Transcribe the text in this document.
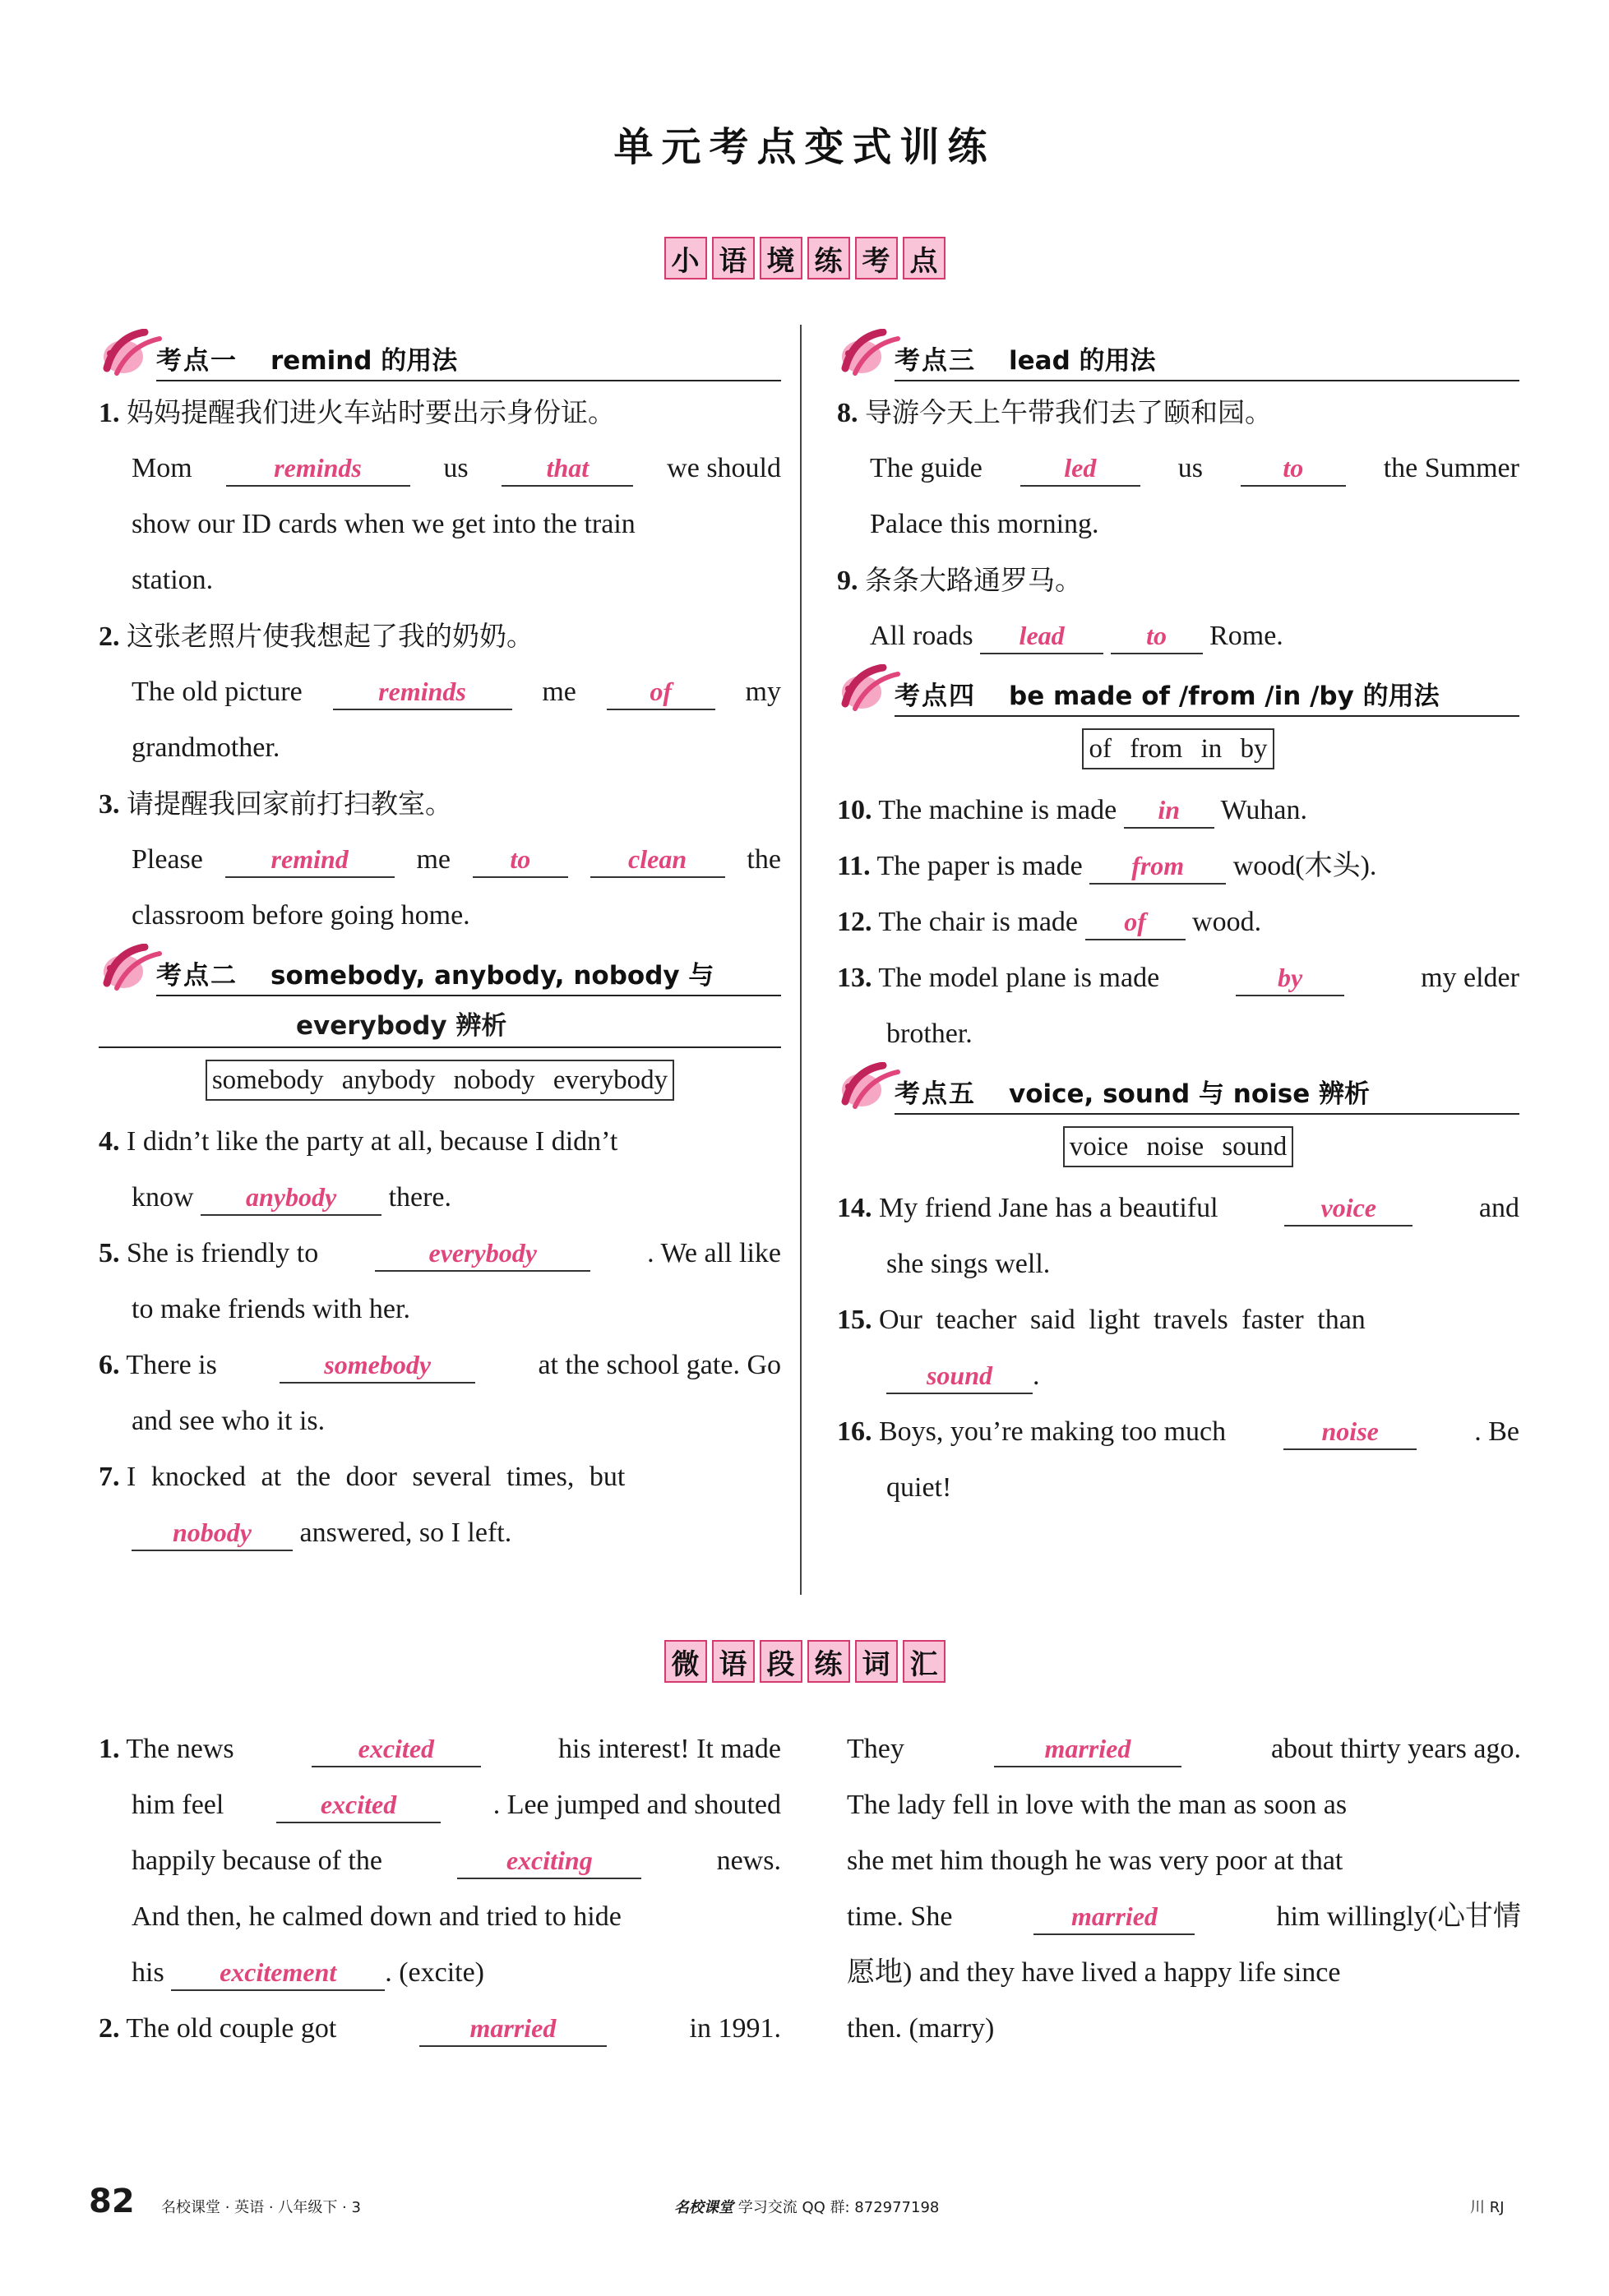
单元考点变式训练
小 语 境 练 考 点
考点一 remind 的用法
1. 妈妈提醒我们进火车站时要出示身份证。
Mom	reminds	us	that	we should
show our ID cards when we get into the train
station.
2. 这张老照片使我想起了我的奶奶。
The old picture	reminds	me	of	my
grandmother.
3. 请提醒我回家前打扫教室。
Please	remind	me	to	clean	the
classroom before going home.
考点二 somebody, anybody, nobody 与
everybody 辨析
somebody anybody nobody everybody
4. I didn’t like the party at all, because I didn’t
know anybody there.
5. She is friendly to	everybody	. We all like
to make friends with her.
6. There is	somebody	at the school gate. Go
and see who it is.
7. I knocked at the door several times, but
nobody answered, so I left.
考点三 lead 的用法
8. 导游今天上午带我们去了颐和园。
The guide	led	us	to	the Summer
Palace this morning.
9. 条条大路通罗马。
All roads lead	to Rome.
考点四 be made of /from /in /by 的用法
of from in by
10. The machine is made in Wuhan.
11. The paper is made from wood(木头).
12. The chair is made of wood.
13. The model plane is made	by	my elder
brother.
考点五 voice, sound 与 noise 辨析
voice noise sound
14. My friend Jane has a beautiful	voice	and
she sings well.
15. Our teacher said light travels faster than
sound .
16. Boys, you’re making too much	noise	. Be
quiet!
微 语 段 练 词 汇
1. The news	excited	his interest! It made
him feel	excited	. Lee jumped and shouted
happily because of the	exciting	news.
And then, he calmed down and tried to hide
his excitement . (excite)
2. The old couple got	married	in 1991.
They	married	about thirty years ago.
The lady fell in love with the man as soon as
she met him though he was very poor at that
time. She	married	him willingly(心甘情
愿地) and they have lived a happy life since
then. (marry)
82 名校课堂 · 英语 · 八年级下 · 3	名校课堂 学习交流 QQ 群: 872977198	川 RJ
